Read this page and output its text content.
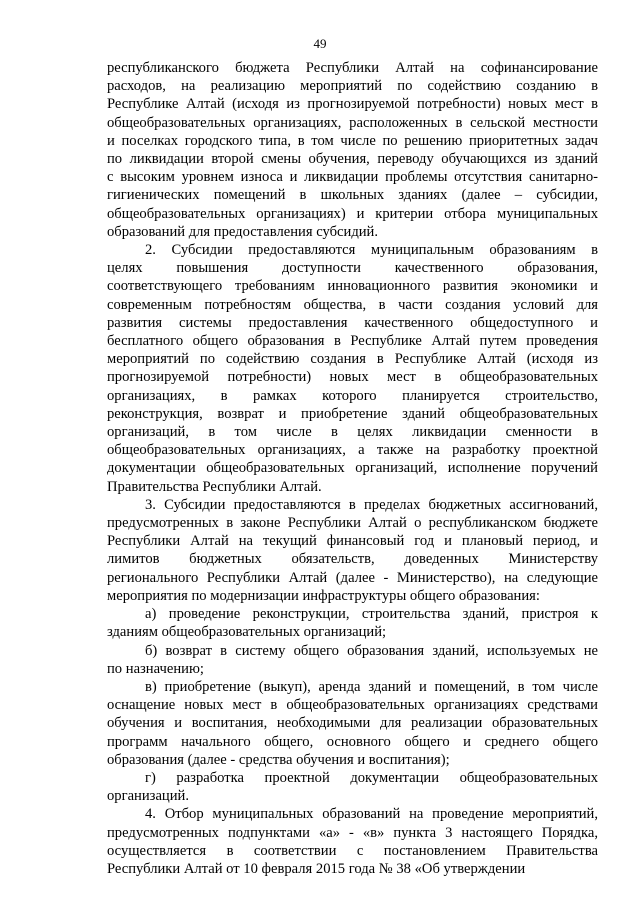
49
республиканского бюджета Республики Алтай на софинансирование
расходов, на реализацию мероприятий по содействию созданию в
Республике Алтай (исходя из прогнозируемой потребности) новых мест в
общеобразовательных организациях, расположенных в сельской местности
и поселках городского типа, в том числе по решению приоритетных задач
по ликвидации второй смены обучения, переводу обучающихся из зданий
с высоким уровнем износа и ликвидации проблемы отсутствия санитарно-
гигиенических помещений в школьных зданиях (далее – субсидии,
общеобразовательных организациях) и критерии отбора муниципальных
образований для предоставления субсидий.
2. Субсидии предоставляются муниципальным образованиям в
целях повышения доступности качественного образования,
соответствующего требованиям инновационного развития экономики и
современным потребностям общества, в части создания условий для
развития системы предоставления качественного общедоступного и
бесплатного общего образования в Республике Алтай путем проведения
мероприятий по содействию создания в Республике Алтай (исходя из
прогнозируемой потребности) новых мест в общеобразовательных
организациях, в рамках которого планируется строительство,
реконструкция, возврат и приобретение зданий общеобразовательных
организаций, в том числе в целях ликвидации сменности в
общеобразовательных организациях, а также на разработку проектной
документации общеобразовательных организаций, исполнение поручений
Правительства Республики Алтай.
3. Субсидии предоставляются в пределах бюджетных ассигнований,
предусмотренных в законе Республики Алтай о республиканском бюджете
Республики Алтай на текущий финансовый год и плановый период, и
лимитов бюджетных обязательств, доведенных Министерству
регионального Республики Алтай (далее - Министерство), на следующие
мероприятия по модернизации инфраструктуры общего образования:
а) проведение реконструкции, строительства зданий, пристроя к
зданиям общеобразовательных организаций;
б) возврат в систему общего образования зданий, используемых не
по назначению;
в) приобретение (выкуп), аренда зданий и помещений, в том числе
оснащение новых мест в общеобразовательных организациях средствами
обучения и воспитания, необходимыми для реализации образовательных
программ начального общего, основного общего и среднего общего
образования (далее - средства обучения и воспитания);
г) разработка проектной документации общеобразовательных
организаций.
4. Отбор муниципальных образований на проведение мероприятий,
предусмотренных подпунктами «а» - «в» пункта 3 настоящего Порядка,
осуществляется в соответствии с постановлением Правительства
Республики Алтай от 10 февраля 2015 года № 38 «Об утверждении
